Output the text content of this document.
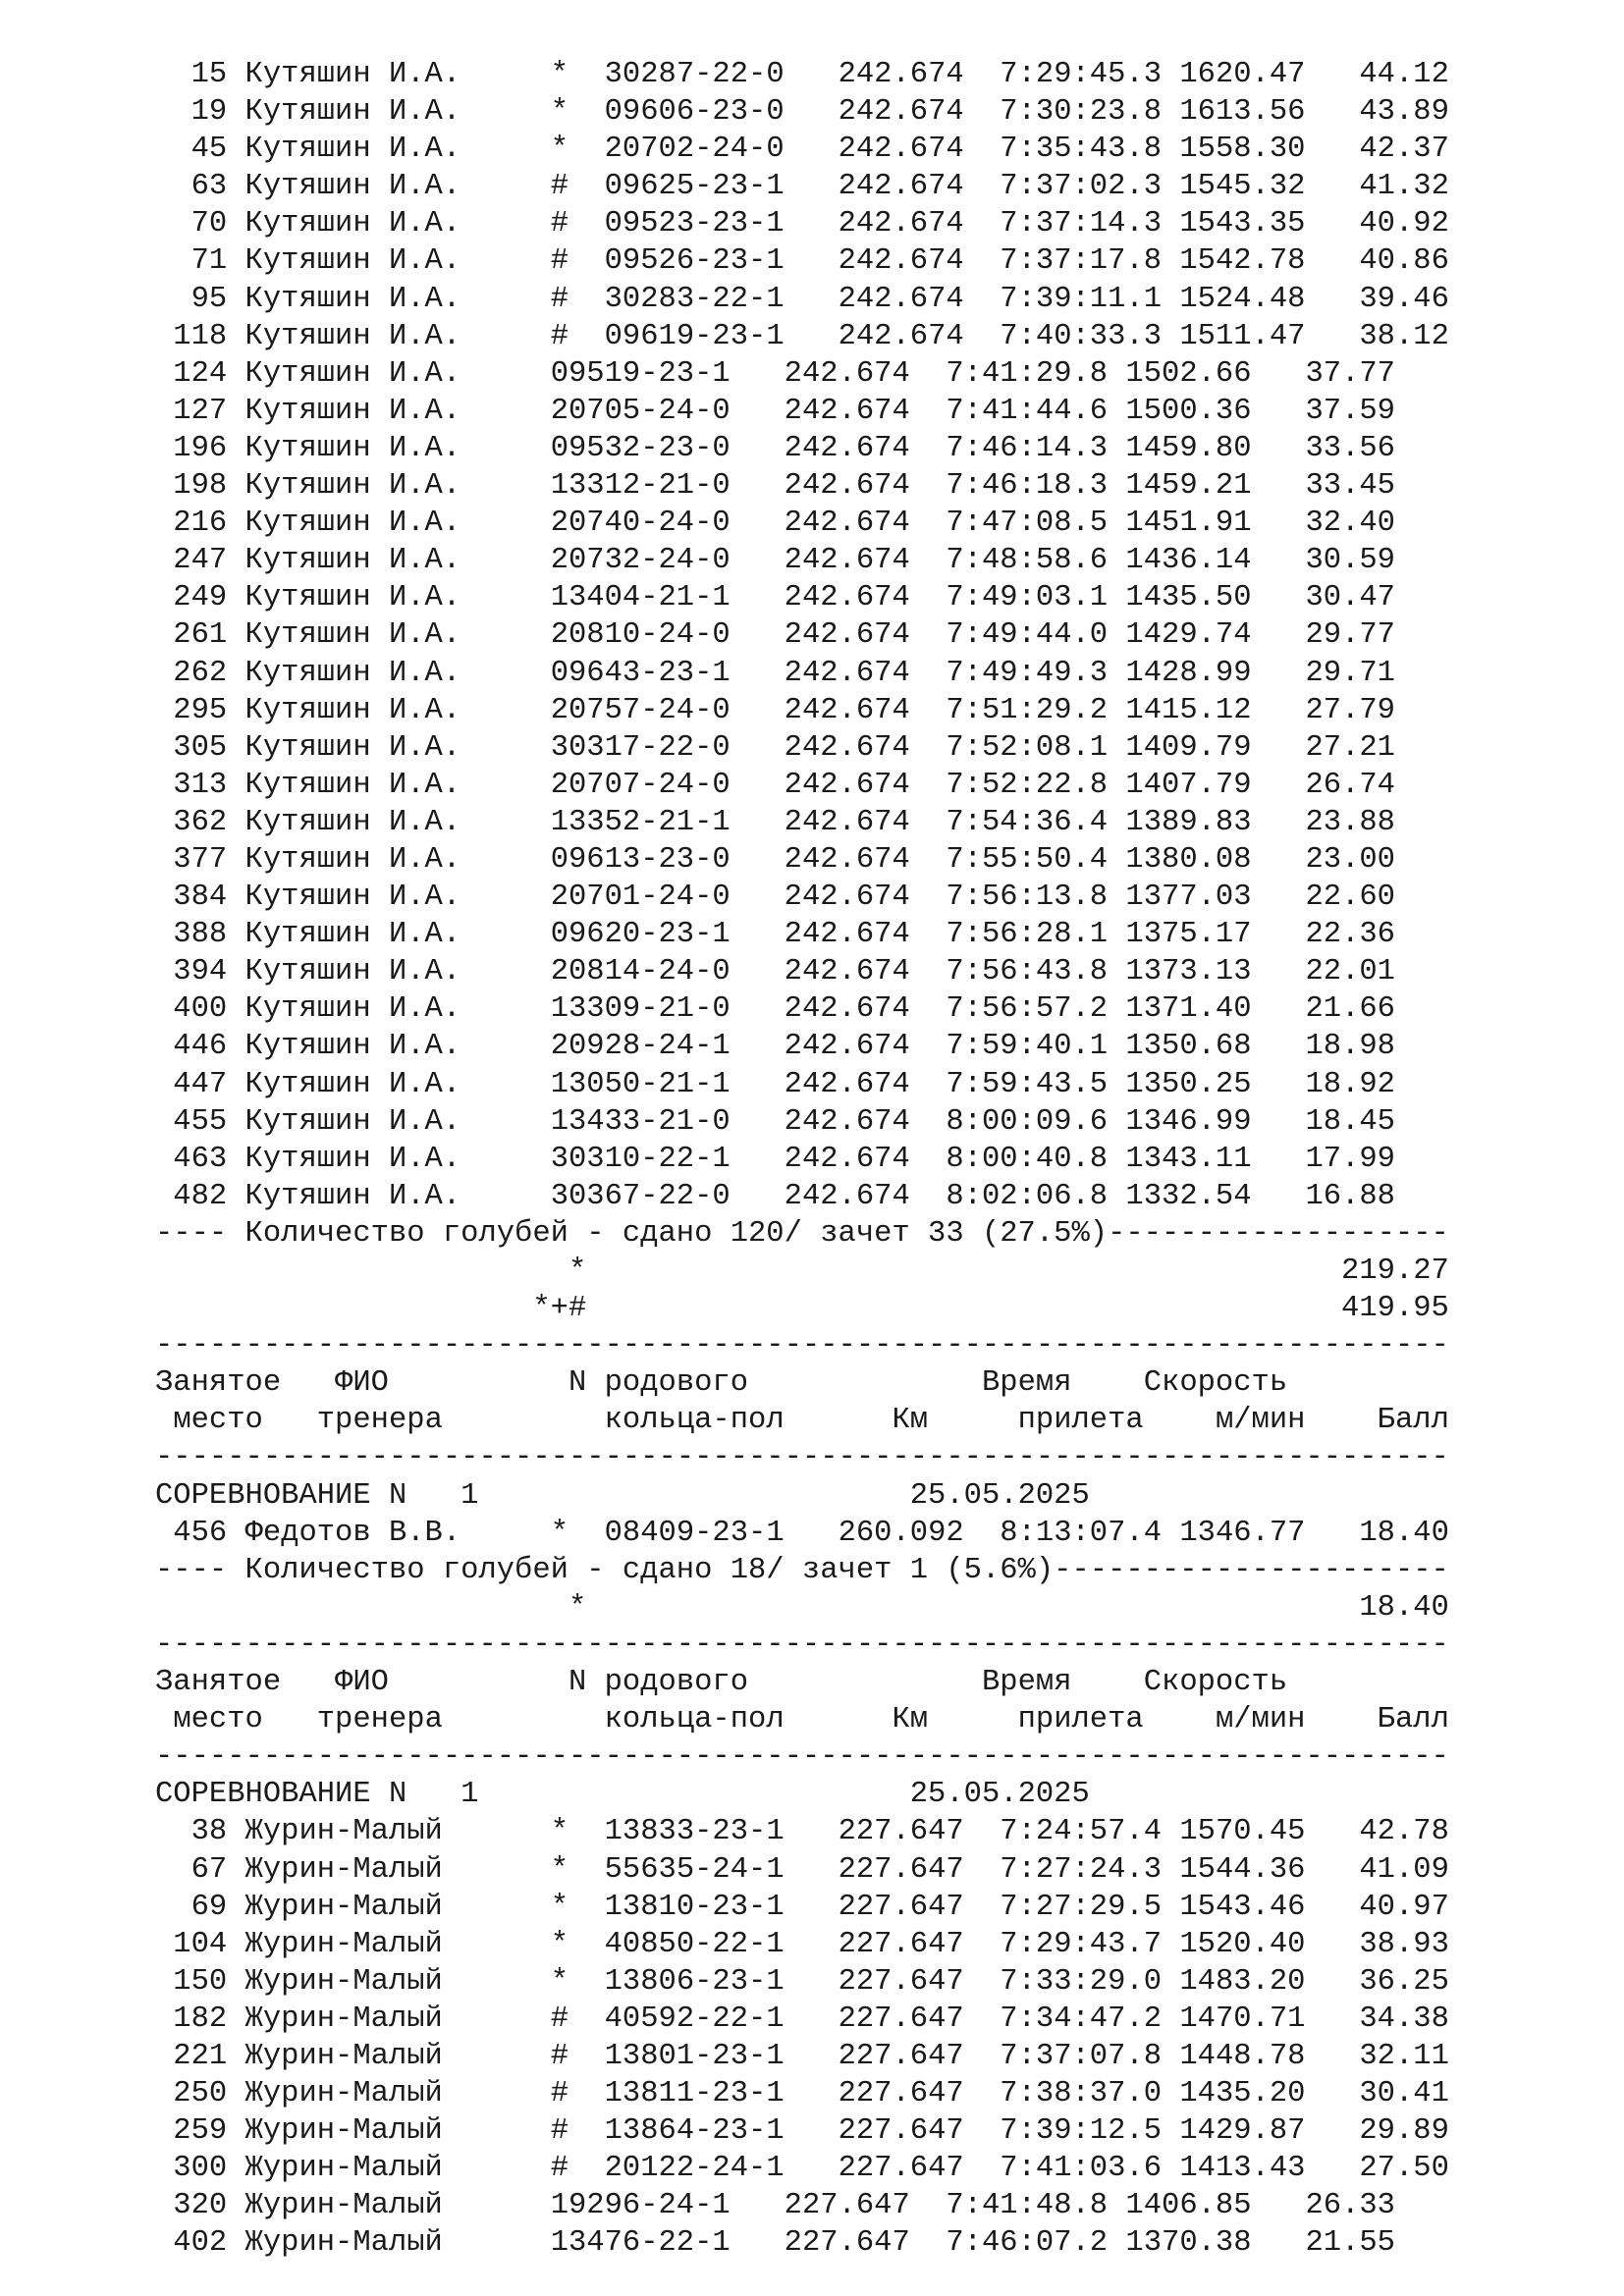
15 Кутяшин И.А.     *  30287-22-0 242.674 7:29:45.3 1620.47   44.12
19 Кутяшин И.А.     *  09606-23-0 242.674 7:30:23.8 1613.56   43.89
45 Кутяшин И.А.     *  20702-24-0 242.674 7:35:43.8 1558.30   42.37
63 Кутяшин И.А.     #  09625-23-1 242.674 7:37:02.3 1545.32   41.32
70 Кутяшин И.А.     #  09523-23-1 242.674 7:37:14.3 1543.35   40.92
71 Кутяшин И.А.     #  09526-23-1 242.674 7:37:17.8 1542.78   40.86
95 Кутяшин И.А.     #  30283-22-1 242.674 7:39:11.1 1524.48   39.46
118 Кутяшин И.А.     #  09619-23-1 242.674 7:40:33.3 1511.47   38.12
124 Кутяшин И.А.     09519-23-1 242.674 7:41:29.8 1502.66   37.77
127 Кутяшин И.А.     20705-24-0 242.674 7:41:44.6 1500.36   37.59
196 Кутяшин И.А.     09532-23-0 242.674 7:46:14.3 1459.80   33.56
198 Кутяшин И.А.     13312-21-0 242.674 7:46:18.3 1459.21   33.45
216 Кутяшин И.А.     20740-24-0 242.674 7:47:08.5 1451.91   32.40
247 Кутяшин И.А.     20732-24-0 242.674 7:48:58.6 1436.14   30.59
249 Кутяшин И.А.     13404-21-1 242.674 7:49:03.1 1435.50   30.47
261 Кутяшин И.А.     20810-24-0 242.674 7:49:44.0 1429.74   29.77
262 Кутяшин И.А.     09643-23-1 242.674 7:49:49.3 1428.99   29.71
295 Кутяшин И.А.     20757-24-0 242.674 7:51:29.2 1415.12   27.79
305 Кутяшин И.А.     30317-22-0 242.674 7:52:08.1 1409.79   27.21
313 Кутяшин И.А.     20707-24-0 242.674 7:52:22.8 1407.79   26.74
362 Кутяшин И.А.     13352-21-1 242.674 7:54:36.4 1389.83   23.88
377 Кутяшин И.А.     09613-23-0 242.674 7:55:50.4 1380.08   23.00
384 Кутяшин И.А.     20701-24-0 242.674 7:56:13.8 1377.03   22.60
388 Кутяшин И.А.     09620-23-1 242.674 7:56:28.1 1375.17   22.36
394 Кутяшин И.А.     20814-24-0 242.674 7:56:43.8 1373.13   22.01
400 Кутяшин И.А.     13309-21-0 242.674 7:56:57.2 1371.40   21.66
446 Кутяшин И.А.     20928-24-1 242.674 7:59:40.1 1350.68   18.98
447 Кутяшин И.А.     13050-21-1 242.674 7:59:43.5 1350.25   18.92
455 Кутяшин И.А.     13433-21-0 242.674 8:00:09.6 1346.99   18.45
463 Кутяшин И.А.     30310-22-1 242.674 8:00:40.8 1343.11   17.99
482 Кутяшин И.А.     30367-22-0 242.674 8:02:06.8 1332.54   16.88
---- Количество голубей - сдано 120/ зачет 33 (27.5%)-------------------
*	219.27
*+#	419.95
------------------------------------------------------------------------
Занятое ФИО	N родового	Время Скорость
место тренера	кольца-пол	Км	прилета м/мин Балл
------------------------------------------------------------------------
СОРЕВНОВАНИЕ N   1	25.05.2025
456 Федотов В.В.     *  08409-23-1 260.092 8:13:07.4 1346.77   18.40
---- Количество голубей - сдано 18/ зачет 1 (5.6%)----------------------
*	18.40
------------------------------------------------------------------------
Занятое ФИО	N родового	Время Скорость
место тренера	кольца-пол	Км	прилета м/мин Балл
------------------------------------------------------------------------
СОРЕВНОВАНИЕ N   1	25.05.2025
38 Журин-Малый      *  13833-23-1 227.647 7:24:57.4 1570.45   42.78
67 Журин-Малый      *  55635-24-1 227.647 7:27:24.3 1544.36   41.09
69 Журин-Малый      *  13810-23-1 227.647 7:27:29.5 1543.46   40.97
104 Журин-Малый      *  40850-22-1 227.647 7:29:43.7 1520.40   38.93
150 Журин-Малый      *  13806-23-1 227.647 7:33:29.0 1483.20   36.25
182 Журин-Малый      #  40592-22-1 227.647 7:34:47.2 1470.71   34.38
221 Журин-Малый      #  13801-23-1 227.647 7:37:07.8 1448.78   32.11
250 Журин-Малый      #  13811-23-1 227.647 7:38:37.0 1435.20   30.41
259 Журин-Малый      #  13864-23-1 227.647 7:39:12.5 1429.87   29.89
300 Журин-Малый      #  20122-24-1 227.647 7:41:03.6 1413.43   27.50
320 Журин-Малый      19296-24-1 227.647 7:41:48.8 1406.85   26.33
402 Журин-Малый      13476-22-1 227.647 7:46:07.2 1370.38   21.55
